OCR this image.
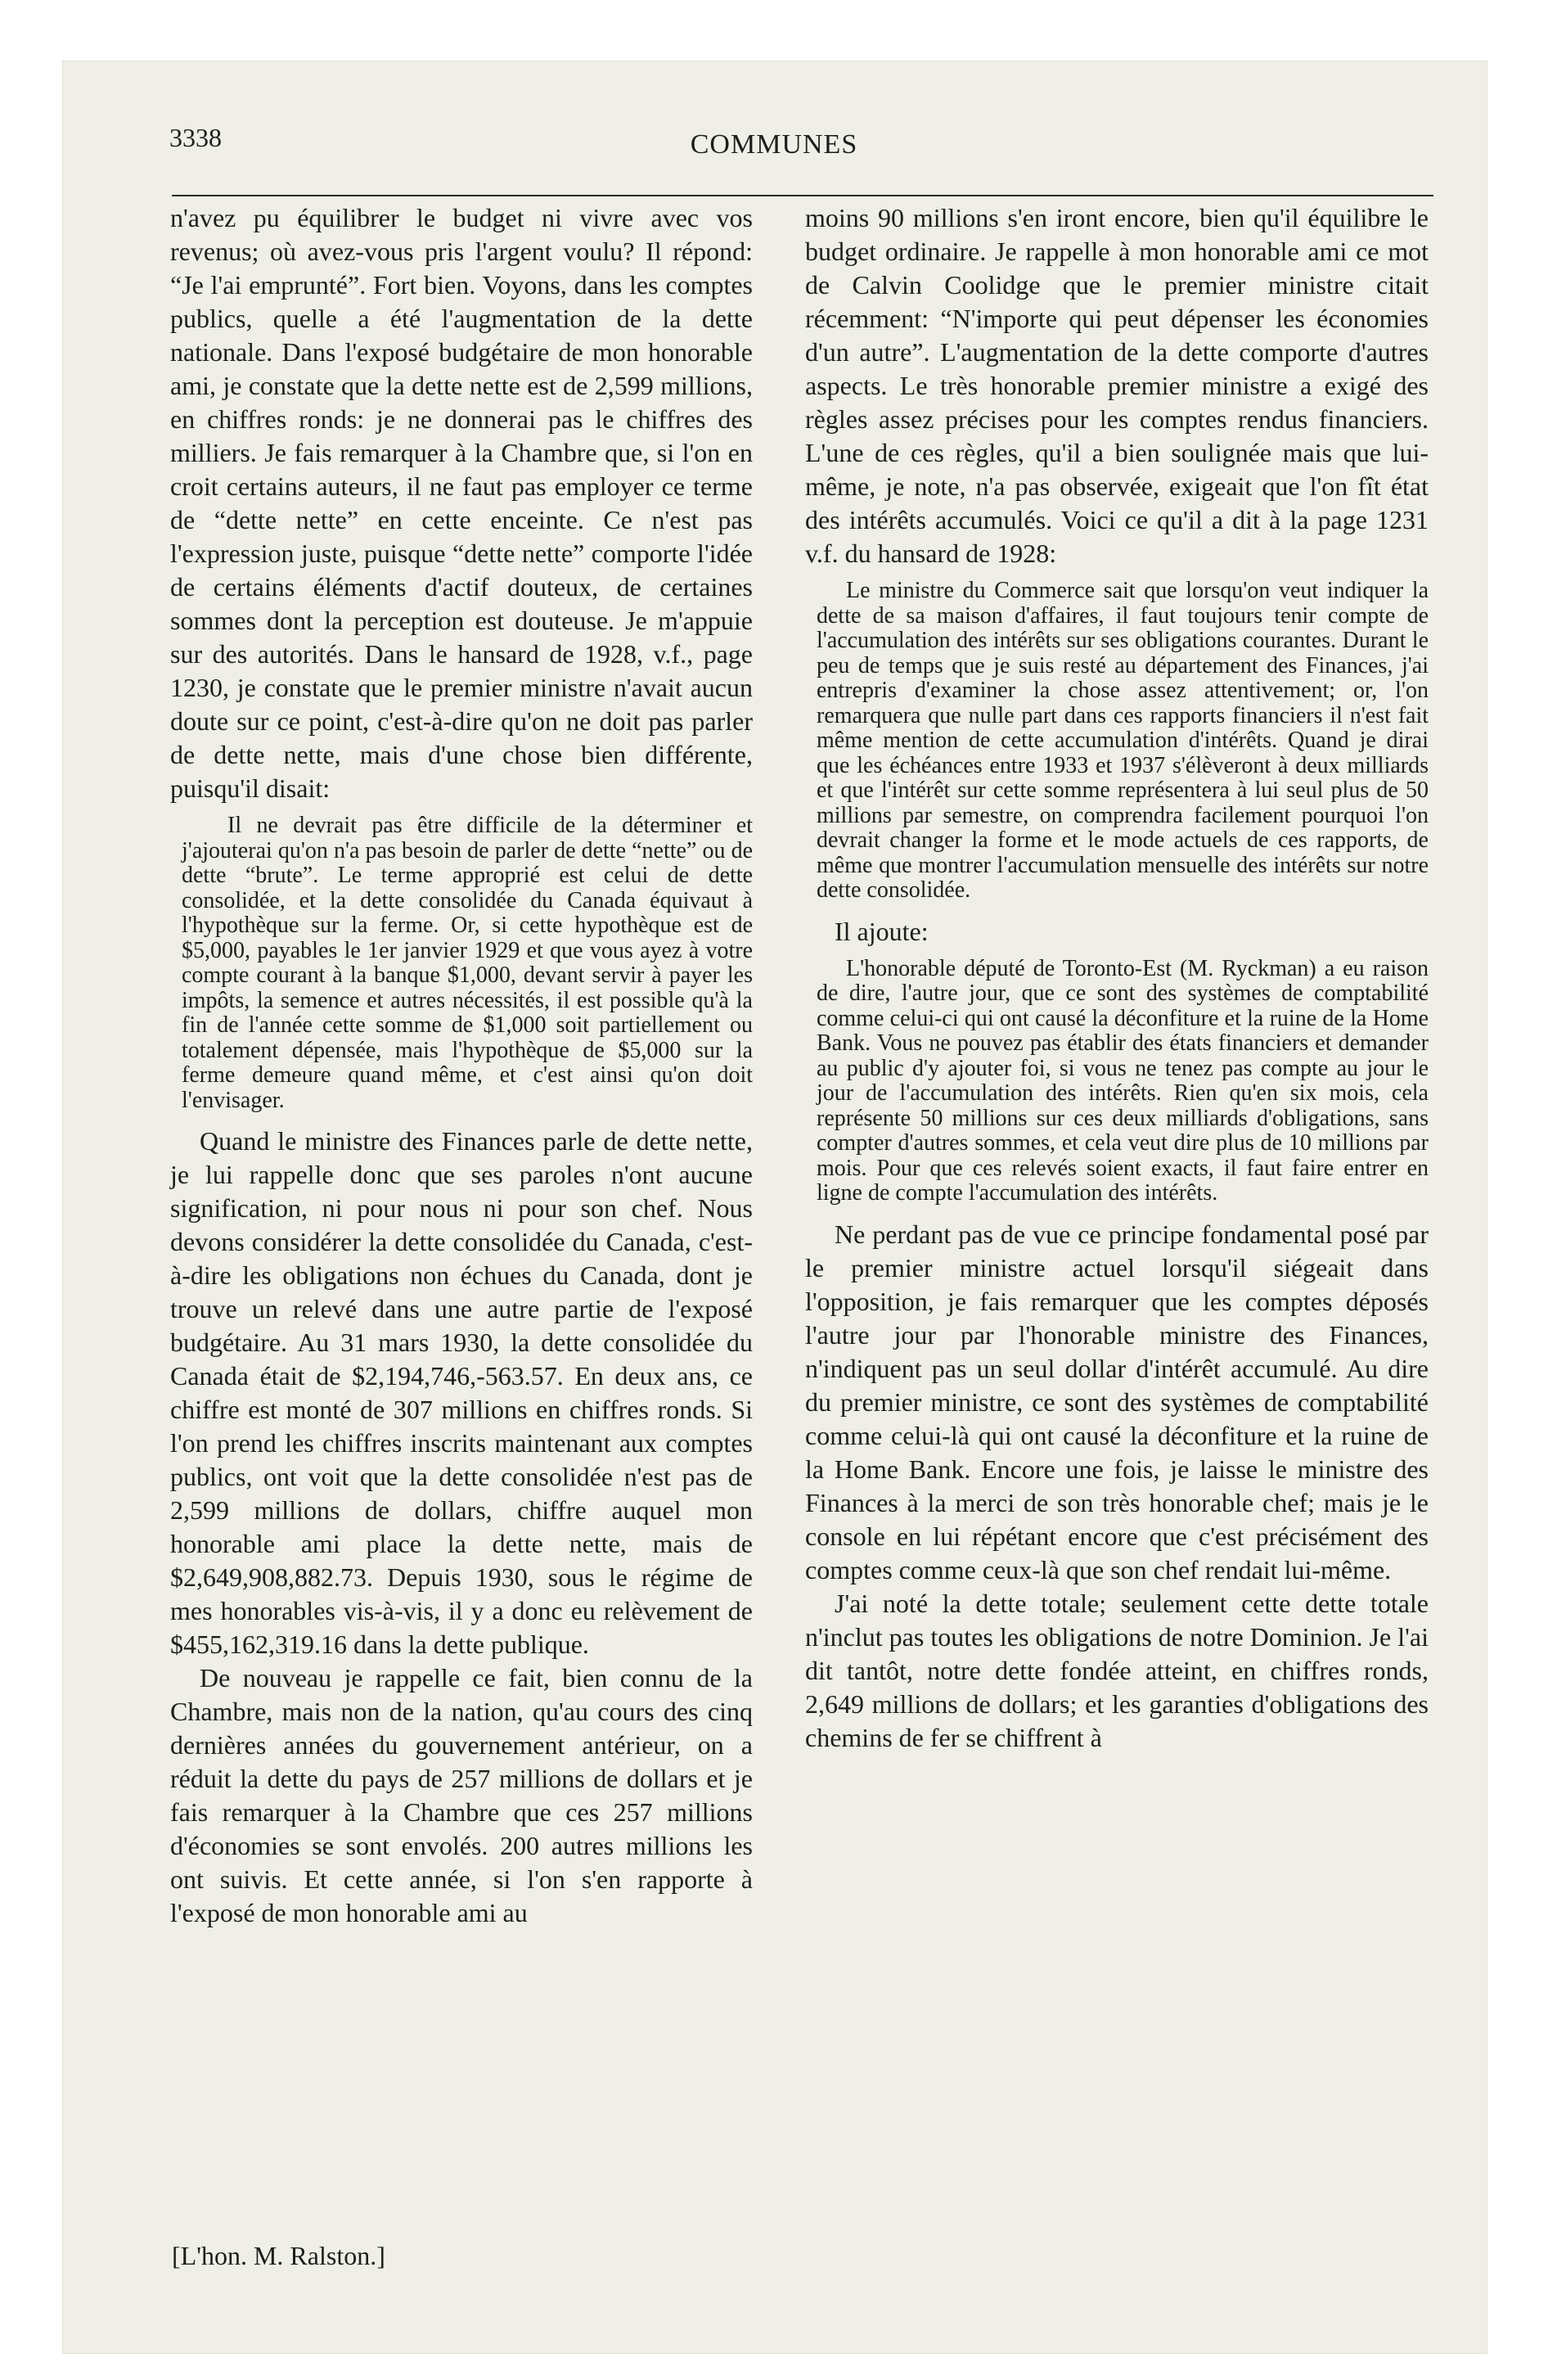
3338	COMMUNES

n'avez pu équilibrer le budget ni vivre avec vos revenus; où avez-vous pris l'argent voulu? Il répond: “Je l'ai emprunté”. Fort bien. Voyons, dans les comptes publics, quelle a été l'augmentation de la dette nationale. Dans l'exposé budgétaire de mon honorable ami, je constate que la dette nette est de 2,599 millions, en chiffres ronds: je ne donnerai pas le chiffres des milliers. Je fais remarquer à la Chambre que, si l'on en croit certains auteurs, il ne faut pas employer ce terme de “dette nette” en cette enceinte. Ce n'est pas l'expression juste, puisque “dette nette” comporte l'idée de certains éléments d'actif douteux, de certaines sommes dont la perception est douteuse. Je m'appuie sur des autorités. Dans le hansard de 1928, v.f., page 1230, je constate que le premier ministre n'avait aucun doute sur ce point, c'est-à-dire qu'on ne doit pas parler de dette nette, mais d'une chose bien différente, puisqu'il disait:

Il ne devrait pas être difficile de la déterminer et j'ajouterai qu'on n'a pas besoin de parler de dette “nette” ou de dette “brute”. Le terme approprié est celui de dette consolidée, et la dette consolidée du Canada équivaut à l'hypothèque sur la ferme. Or, si cette hypothèque est de $5,000, payables le 1er janvier 1929 et que vous ayez à votre compte courant à la banque $1,000, devant servir à payer les impôts, la semence et autres nécessités, il est possible qu'à la fin de l'année cette somme de $1,000 soit partiellement ou totalement dépensée, mais l'hypothèque de $5,000 sur la ferme demeure quand même, et c'est ainsi qu'on doit l'envisager.

Quand le ministre des Finances parle de dette nette, je lui rappelle donc que ses paroles n'ont aucune signification, ni pour nous ni pour son chef. Nous devons considérer la dette consolidée du Canada, c'est-à-dire les obligations non échues du Canada, dont je trouve un relevé dans une autre partie de l'exposé budgétaire. Au 31 mars 1930, la dette consolidée du Canada était de $2,194,746,-563.57. En deux ans, ce chiffre est monté de 307 millions en chiffres ronds. Si l'on prend les chiffres inscrits maintenant aux comptes publics, ont voit que la dette consolidée n'est pas de 2,599 millions de dollars, chiffre auquel mon honorable ami place la dette nette, mais de $2,649,908,882.73. Depuis 1930, sous le régime de mes honorables vis-à-vis, il y a donc eu relèvement de $455,162,319.16 dans la dette publique.

De nouveau je rappelle ce fait, bien connu de la Chambre, mais non de la nation, qu'au cours des cinq dernières années du gouvernement antérieur, on a réduit la dette du pays de 257 millions de dollars et je fais remarquer à la Chambre que ces 257 millions d'économies se sont envolés. 200 autres millions les ont suivis. Et cette année, si l'on s'en rapporte à l'exposé de mon honorable ami au

moins 90 millions s'en iront encore, bien qu'il équilibre le budget ordinaire. Je rappelle à mon honorable ami ce mot de Calvin Coolidge que le premier ministre citait récemment: “N'importe qui peut dépenser les économies d'un autre”. L'augmentation de la dette comporte d'autres aspects. Le très honorable premier ministre a exigé des règles assez précises pour les comptes rendus financiers. L'une de ces règles, qu'il a bien soulignée mais que lui-même, je note, n'a pas observée, exigeait que l'on fît état des intérêts accumulés. Voici ce qu'il a dit à la page 1231 v.f. du hansard de 1928:

Le ministre du Commerce sait que lorsqu'on veut indiquer la dette de sa maison d'affaires, il faut toujours tenir compte de l'accumulation des intérêts sur ses obligations courantes. Durant le peu de temps que je suis resté au département des Finances, j'ai entrepris d'examiner la chose assez attentivement; or, l'on remarquera que nulle part dans ces rapports financiers il n'est fait même mention de cette accumulation d'intérêts. Quand je dirai que les échéances entre 1933 et 1937 s'élèveront à deux milliards et que l'intérêt sur cette somme représentera à lui seul plus de 50 millions par semestre, on comprendra facilement pourquoi l'on devrait changer la forme et le mode actuels de ces rapports, de même que montrer l'accumulation mensuelle des intérêts sur notre dette consolidée.

Il ajoute:

L'honorable député de Toronto-Est (M. Ryckman) a eu raison de dire, l'autre jour, que ce sont des systèmes de comptabilité comme celui-ci qui ont causé la déconfiture et la ruine de la Home Bank. Vous ne pouvez pas établir des états financiers et demander au public d'y ajouter foi, si vous ne tenez pas compte au jour le jour de l'accumulation des intérêts. Rien qu'en six mois, cela représente 50 millions sur ces deux milliards d'obligations, sans compter d'autres sommes, et cela veut dire plus de 10 millions par mois. Pour que ces relevés soient exacts, il faut faire entrer en ligne de compte l'accumulation des intérêts.

Ne perdant pas de vue ce principe fondamental posé par le premier ministre actuel lorsqu'il siégeait dans l'opposition, je fais remarquer que les comptes déposés l'autre jour par l'honorable ministre des Finances, n'indiquent pas un seul dollar d'intérêt accumulé. Au dire du premier ministre, ce sont des systèmes de comptabilité comme celui-là qui ont causé la déconfiture et la ruine de la Home Bank. Encore une fois, je laisse le ministre des Finances à la merci de son très honorable chef; mais je le console en lui répétant encore que c'est précisément des comptes comme ceux-là que son chef rendait lui-même.

J'ai noté la dette totale; seulement cette dette totale n'inclut pas toutes les obligations de notre Dominion. Je l'ai dit tantôt, notre dette fondée atteint, en chiffres ronds, 2,649 millions de dollars; et les garanties d'obligations des chemins de fer se chiffrent à

[L'hon. M. Ralston.]
